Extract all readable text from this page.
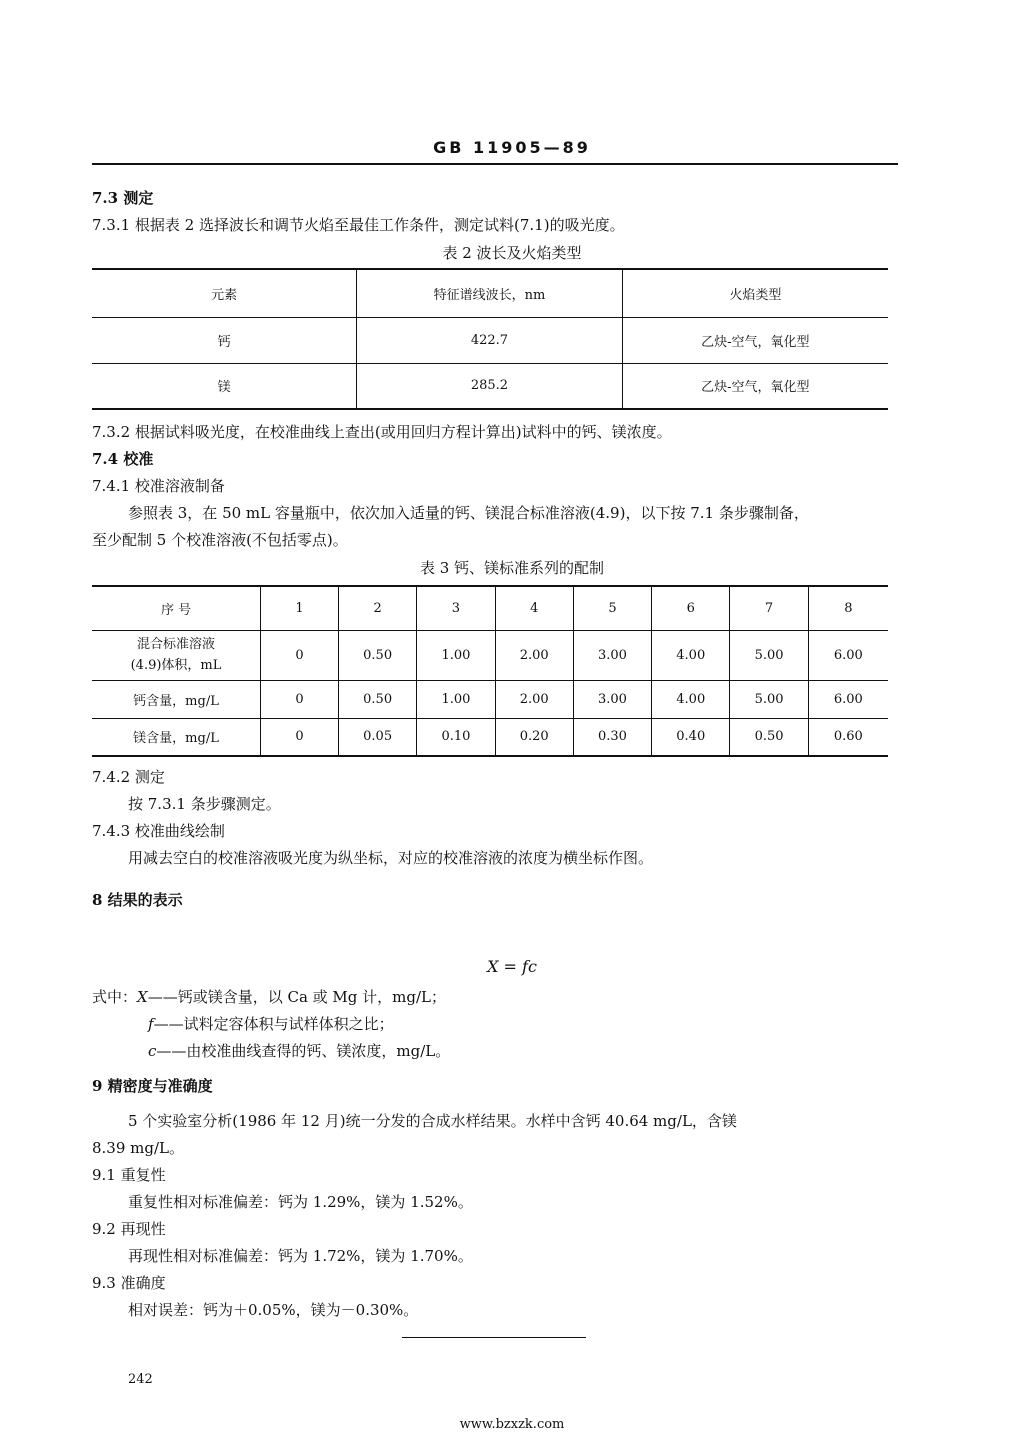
GB 11905—89
7.3 测定
7.3.1 根据表 2 选择波长和调节火焰至最佳工作条件，测定试料(7.1)的吸光度。
表 2 波长及火焰类型
元素	特征谱线波长，nm	火焰类型
钙	422.7	乙炔-空气，氧化型
镁	285.2	乙炔-空气，氧化型
7.3.2 根据试料吸光度，在校准曲线上查出(或用回归方程计算出)试料中的钙、镁浓度。
7.4 校准
7.4.1 校准溶液制备
参照表 3，在 50 mL 容量瓶中，依次加入适量的钙、镁混合标准溶液(4.9)，以下按 7.1 条步骤制备，
至少配制 5 个校准溶液(不包括零点)。
表 3 钙、镁标准系列的配制
序 号	1	2	3	4	5	6	7	8

混合标准溶液
(4.9)体积，mL	0	0.50	1.00	2.00	3.00	4.00	5.00	6.00
钙含量，mg/L	0	0.50	1.00	2.00	3.00	4.00	5.00	6.00
镁含量，mg/L	0	0.05	0.10	0.20	0.30	0.40	0.50	0.60
7.4.2 测定
按 7.3.1 条步骤测定。
7.4.3 校准曲线绘制
用减去空白的校准溶液吸光度为纵坐标，对应的校准溶液的浓度为横坐标作图。
8 结果的表示
X = fc
式中：X——钙或镁含量，以 Ca 或 Mg 计，mg/L；
f——试料定容体积与试样体积之比；
c——由校准曲线查得的钙、镁浓度，mg/L。
9 精密度与准确度
5 个实验室分析(1986 年 12 月)统一分发的合成水样结果。水样中含钙 40.64 mg/L，含镁
8.39 mg/L。
9.1 重复性
重复性相对标准偏差：钙为 1.29%，镁为 1.52%。
9.2 再现性
再现性相对标准偏差：钙为 1.72%，镁为 1.70%。
9.3 准确度
相对误差：钙为＋0.05%，镁为－0.30%。
242
www.bzxzk.com
